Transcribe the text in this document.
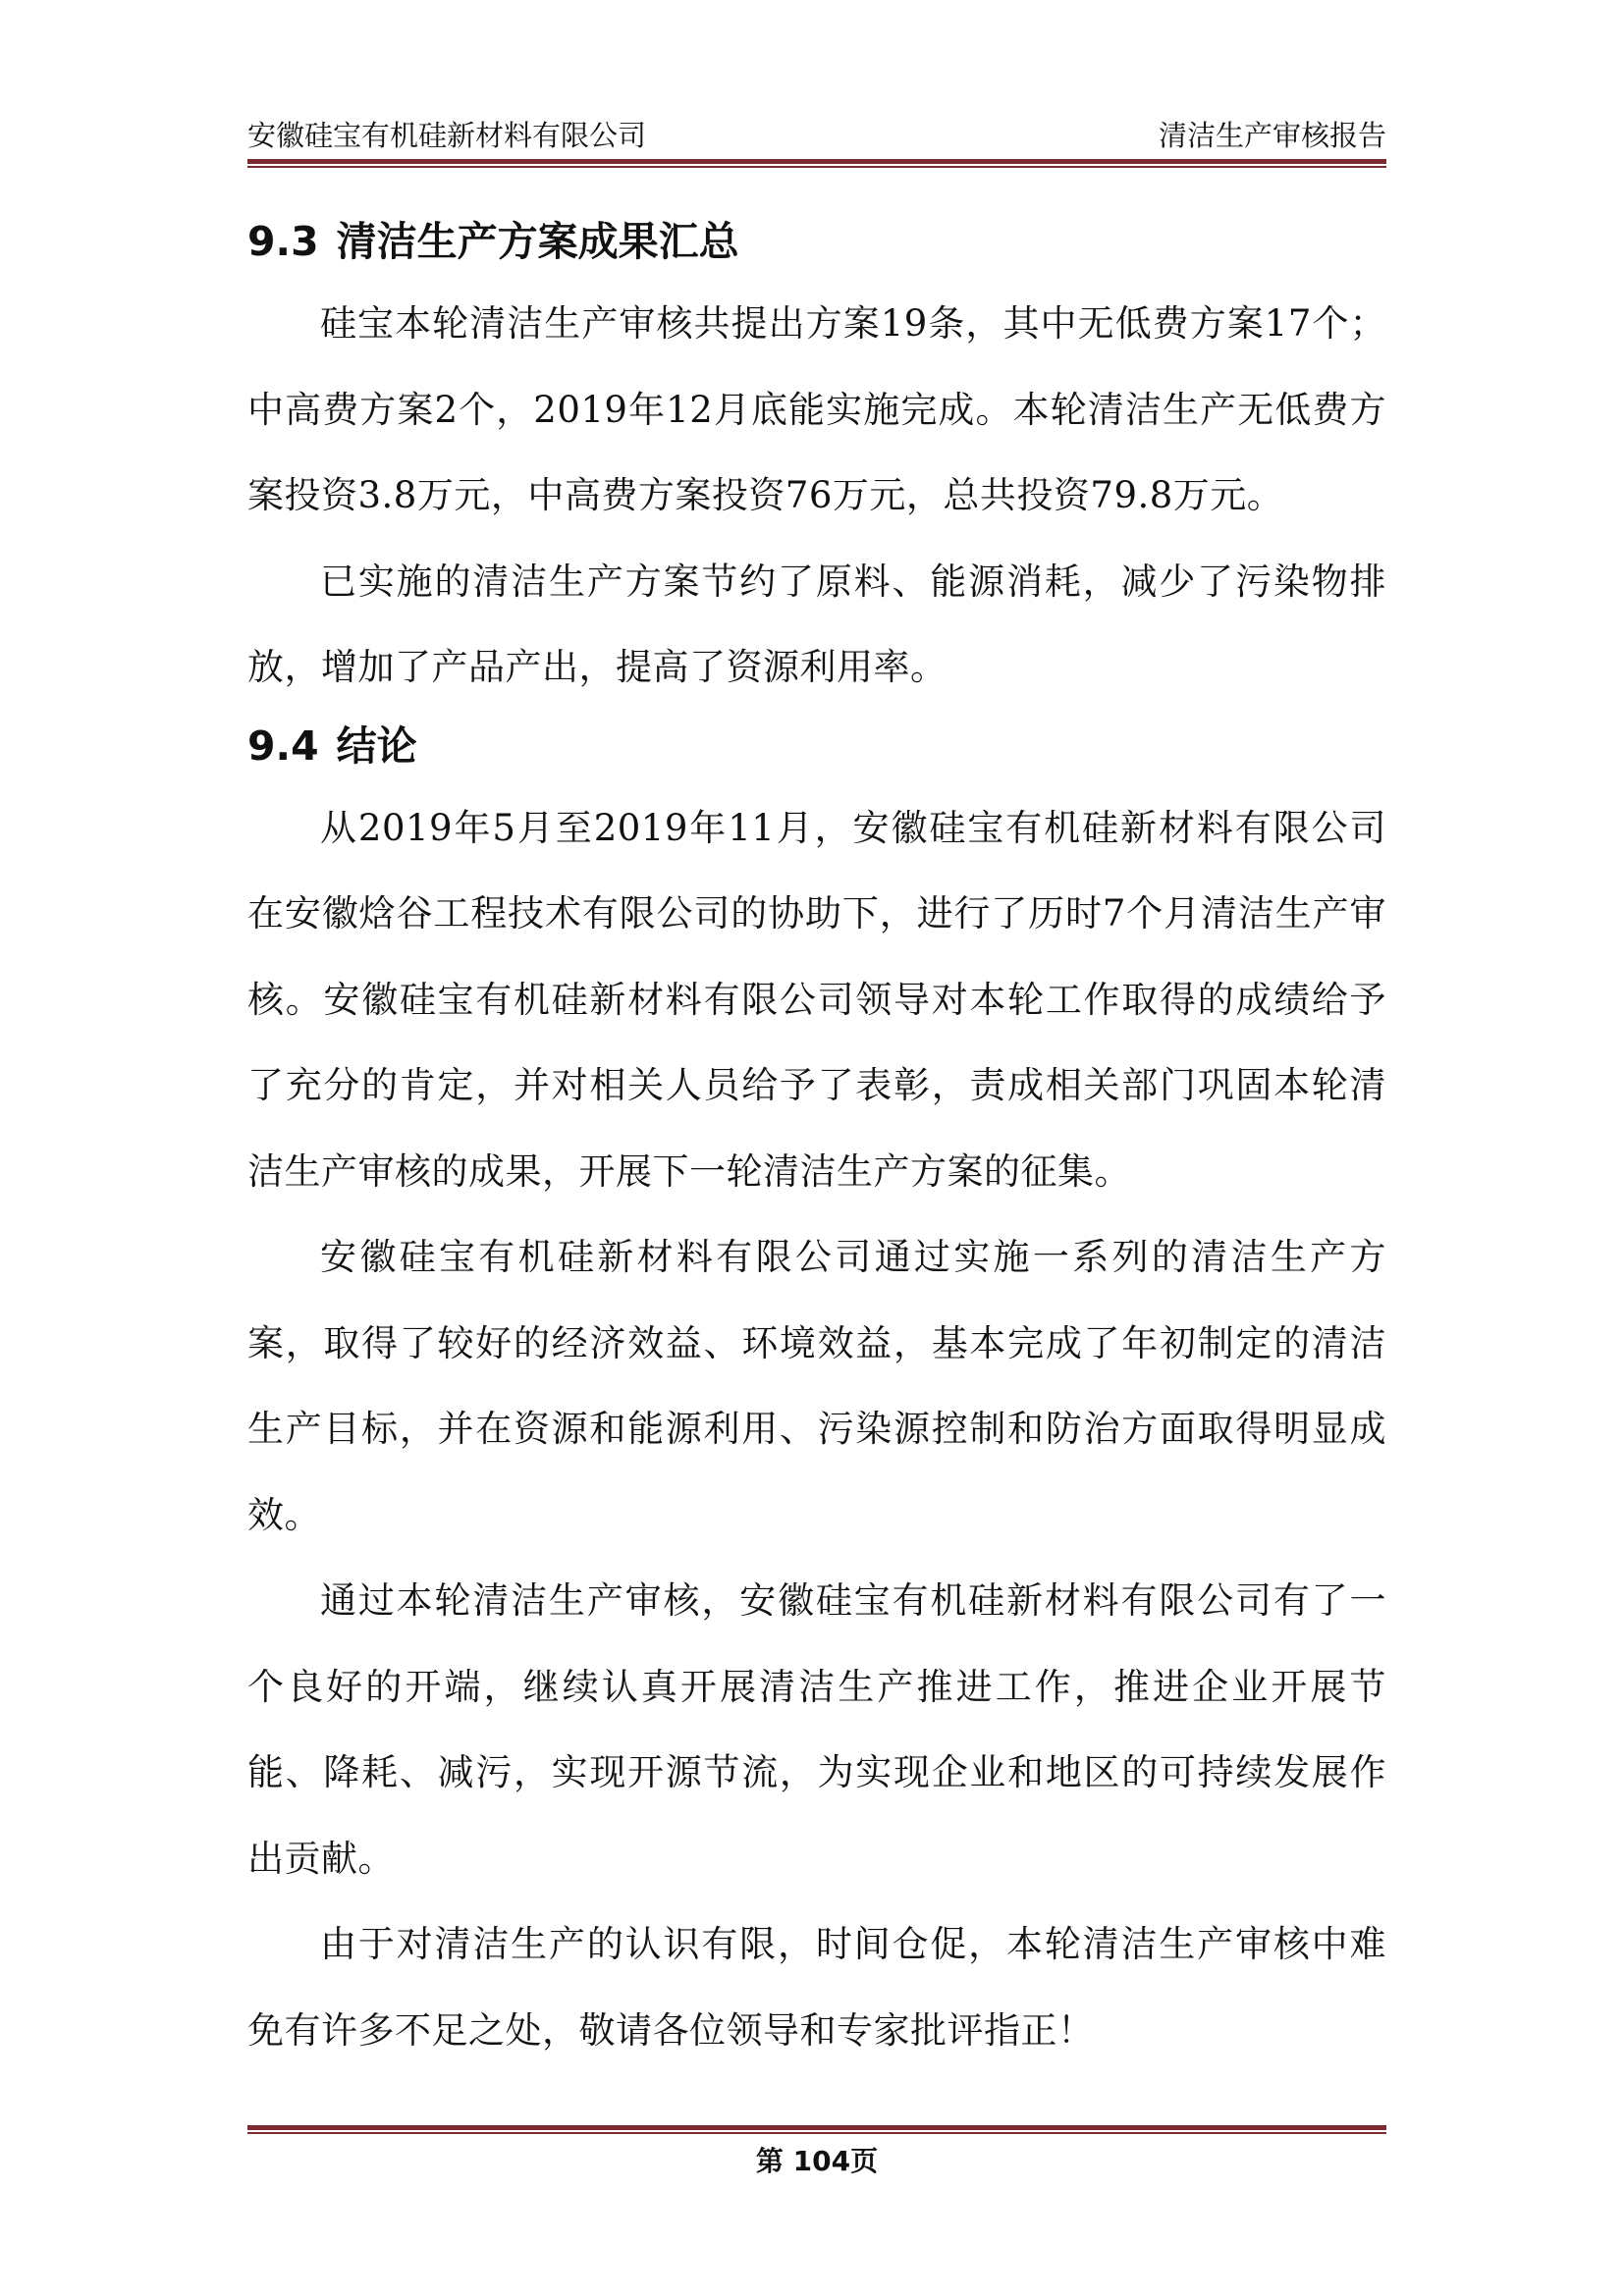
安徽硅宝有机硅新材料有限公司	清洁生产审核报告
9.3 清洁生产方案成果汇总

硅宝本轮清洁生产审核共提出方案19条，其中无低费方案17个；中高费方案2个，2019年12月底能实施完成。本轮清洁生产无低费方案投资3.8万元，中高费方案投资76万元，总共投资79.8万元。

已实施的清洁生产方案节约了原料、能源消耗，减少了污染物排放，增加了产品产出，提高了资源利用率。

9.4 结论

从2019年5月至2019年11月，安徽硅宝有机硅新材料有限公司在安徽焓谷工程技术有限公司的协助下，进行了历时7个月清洁生产审核。安徽硅宝有机硅新材料有限公司领导对本轮工作取得的成绩给予了充分的肯定，并对相关人员给予了表彰，责成相关部门巩固本轮清洁生产审核的成果，开展下一轮清洁生产方案的征集。

安徽硅宝有机硅新材料有限公司通过实施一系列的清洁生产方案，取得了较好的经济效益、环境效益，基本完成了年初制定的清洁生产目标，并在资源和能源利用、污染源控制和防治方面取得明显成效。

通过本轮清洁生产审核，安徽硅宝有机硅新材料有限公司有了一个良好的开端，继续认真开展清洁生产推进工作，推进企业开展节能、降耗、减污，实现开源节流，为实现企业和地区的可持续发展作出贡献。

由于对清洁生产的认识有限，时间仓促，本轮清洁生产审核中难免有许多不足之处，敬请各位领导和专家批评指正！

第 104页
